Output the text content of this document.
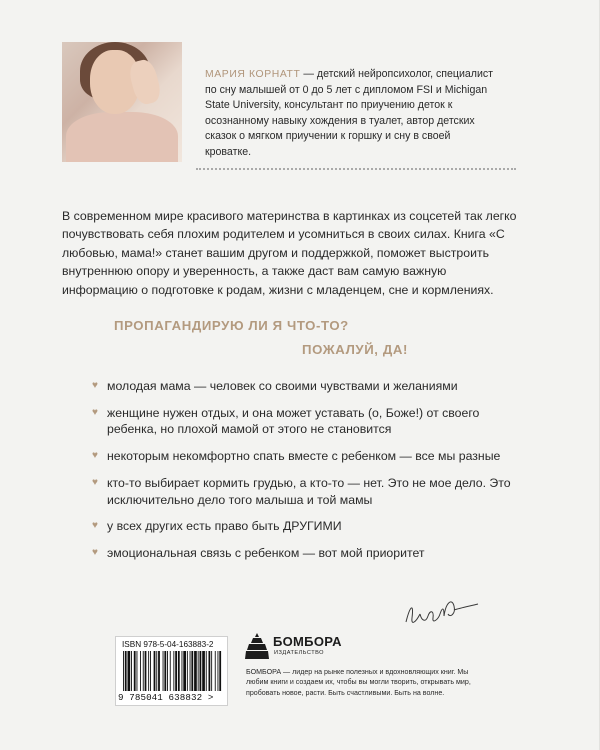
МАРИЯ КОРНАТТ — детский нейропсихолог, специалист по сну малышей от 0 до 5 лет с дипломом FSI и Michigan State University, консультант по приучению деток к осознанному навыку хождения в туалет, автор детских сказок о мягком приучении к горшку и сну в своей кроватке.

В современном мире красивого материнства в картинках из соцсетей так легко почувствовать себя плохим родителем и усомниться в своих силах. Книга «С любовью, мама!» станет вашим другом и поддержкой, поможет выстроить внутреннюю опору и уверенность, а также даст вам самую важную информацию о подготовке к родам, жизни с младенцем, сне и кормлениях.

ПРОПАГАНДИРУЮ ЛИ Я ЧТО-ТО?
ПОЖАЛУЙ, ДА!
♥ молодая мама — человек со своими чувствами и желаниями
♥ женщине нужен отдых, и она может уставать (о, Боже!) от своего ребенка, но плохой мамой от этого не становится
♥ некоторым некомфортно спать вместе с ребенком — все мы разные
♥ кто-то выбирает кормить грудью, а кто-то — нет. Это не мое дело. Это исключительно дело того малыша и той мамы
♥ у всех других есть право быть ДРУГИМИ
♥ эмоциональная связь с ребенком — вот мой приоритет
ISBN 978-5-04-163883-2
9 785041 638832 >
БОМБОРА
ИЗДАТЕЛЬСТВО

БОМБОРА — лидер на рынке полезных и вдохновляющих книг. Мы любим книги и создаем их, чтобы вы могли творить, открывать мир, пробовать новое, расти. Быть счастливыми. Быть на волне.
